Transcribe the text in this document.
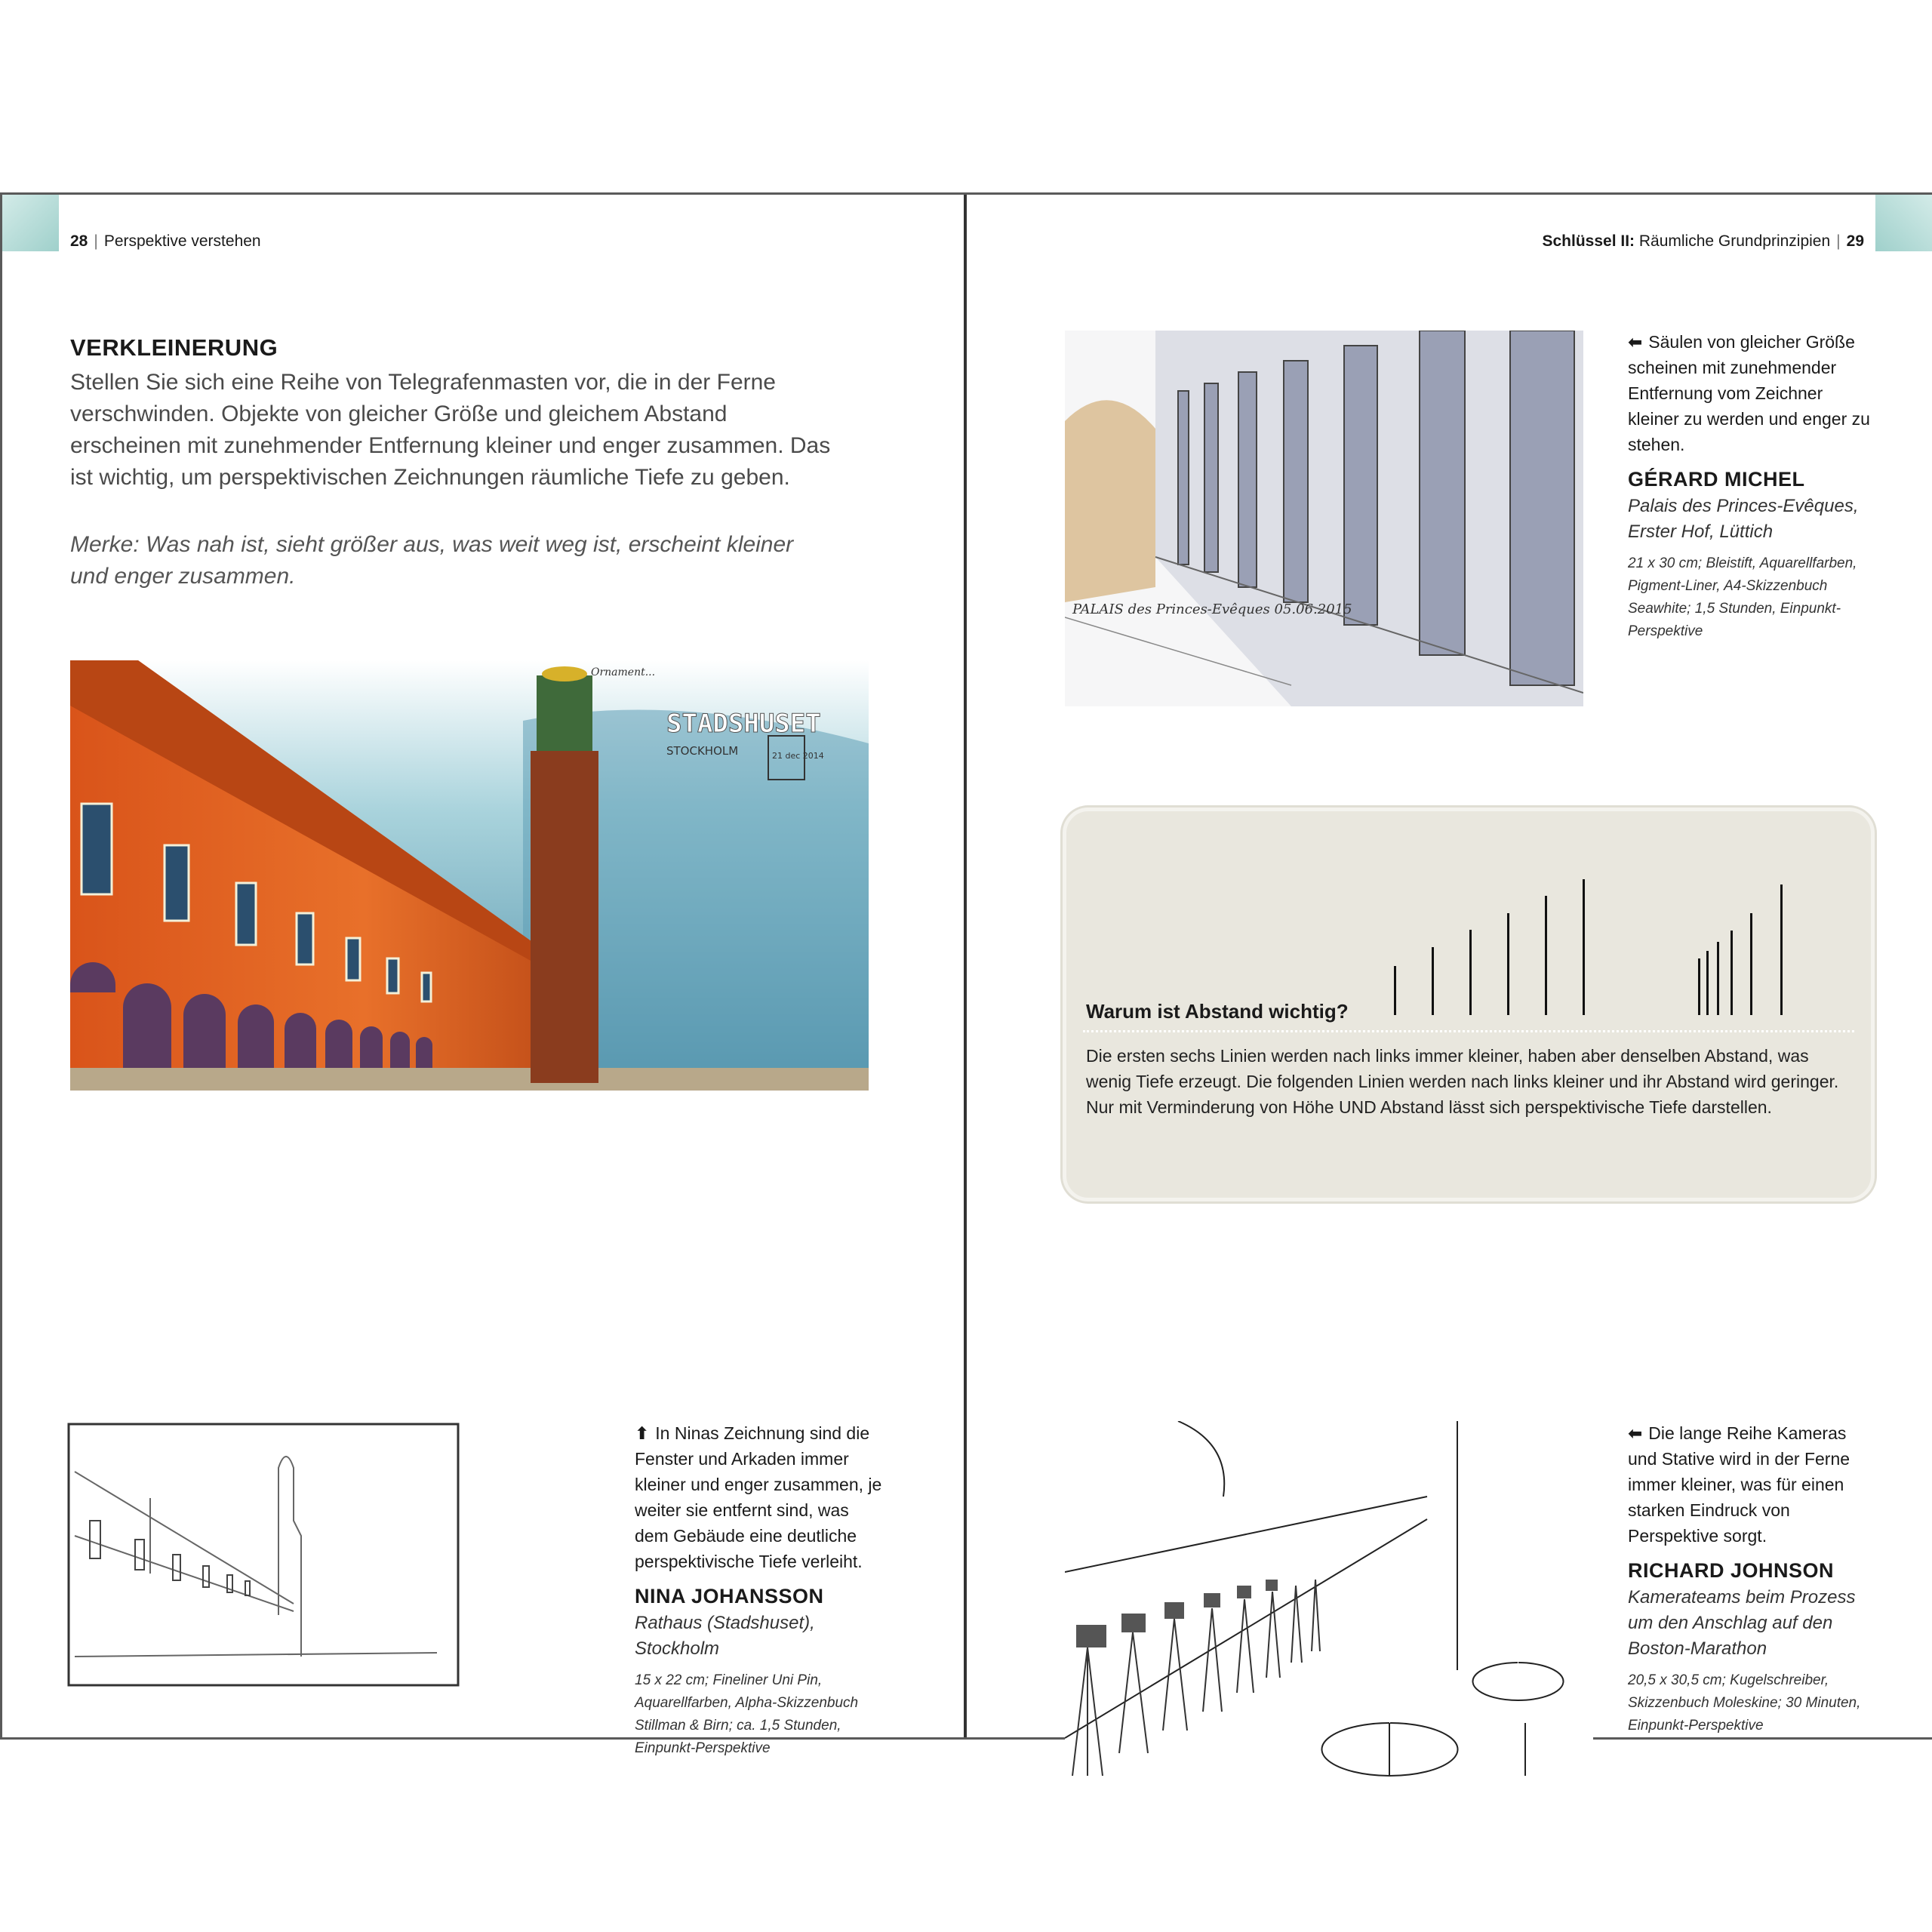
28 | Perspektive verstehen
VERKLEINERUNG

Stellen Sie sich eine Reihe von Telegrafenmasten vor, die in der Ferne verschwinden. Objekte von gleicher Größe und gleichem Abstand erscheinen mit zunehmender Entfernung kleiner und enger zusammen. Das ist wichtig, um perspektivischen Zeichnungen räumliche Tiefe zu geben.

Merke: Was nah ist, sieht größer aus, was weit weg ist, erscheint kleiner und enger zusammen.

STADSHUSET
STOCKHOLM
Ornament...
21 dec 2014

⬆ In Ninas Zeichnung sind die Fenster und Arkaden immer kleiner und enger zusammen, je weiter sie entfernt sind, was dem Gebäude eine deutliche perspektivische Tiefe verleiht.

NINA JOHANSSON

Rathaus (Stadshuset), Stockholm

15 x 22 cm; Fineliner Uni Pin, Aquarellfarben, Alpha-Skizzenbuch Stillman & Birn; ca. 1,5 Stunden, Einpunkt-Perspektive

Schlüssel II: Räumliche Grundprinzipien | 29
PALAIS des Princes-Evêques 05.06.2015

⬅ Säulen von gleicher Größe scheinen mit zunehmender Entfernung vom Zeichner kleiner zu werden und enger zu stehen.

GÉRARD MICHEL

Palais des Princes-Evêques, Erster Hof, Lüttich

21 x 30 cm; Bleistift, Aquarellfarben, Pigment-Liner, A4-Skizzenbuch Seawhite; 1,5 Stunden, Einpunkt-Perspektive

⬅ Die lange Reihe Kameras und Stative wird in der Ferne immer kleiner, was für einen starken Eindruck von Perspektive sorgt.

RICHARD JOHNSON

Kamerateams beim Prozess um den Anschlag auf den Boston-Marathon

20,5 x 30,5 cm; Kugelschreiber, Skizzenbuch Moleskine; 30 Minuten, Einpunkt-Perspektive

Warum ist Abstand wichtig?

Die ersten sechs Linien werden nach links immer kleiner, haben aber denselben Abstand, was wenig Tiefe erzeugt. Die folgenden Linien werden nach links kleiner und ihr Abstand wird geringer. Nur mit Verminderung von Höhe UND Abstand lässt sich perspektivische Tiefe darstellen.
